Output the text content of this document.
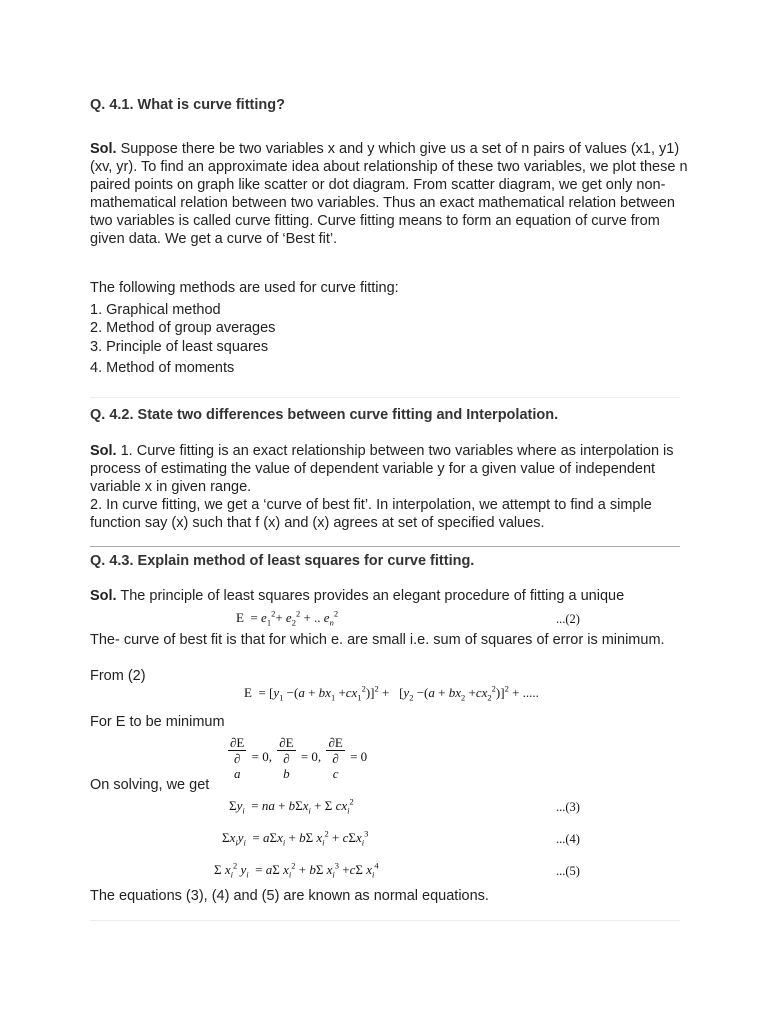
Q. 4.1. What is curve fitting?
Sol. Suppose there be two variables x and y which give us a set of n pairs of values (x1, y1) (xv, yr). To find an approximate idea about relationship of these two variables, we plot these n paired points on graph like scatter or dot diagram. From scatter diagram, we get only non-mathematical relation between two variables. Thus an exact mathematical relation between two variables is called curve fitting. Curve fitting means to form an equation of curve from given data. We get a curve of ‘Best fit’.
The following methods are used for curve fitting:
1. Graphical method
2. Method of group averages
3. Principle of least squares
4. Method of moments
Q. 4.2. State two differences between curve fitting and Interpolation.
Sol. 1. Curve fitting is an exact relationship between two variables where as interpolation is process of estimating the value of dependent variable y for a given value of independent variable x in given range.
2. In curve fitting, we get a ‘curve of best fit’. In interpolation, we attempt to find a simple function say (x) such that f (x) and (x) agrees at set of specified values.
Q. 4.3. Explain method of least squares for curve fitting.
Sol. The principle of least squares provides an elegant procedure of fitting a unique
$E = e_1^2+ e_2^2$ + .. $e_n^2$	...(2)
The- curve of best fit is that for which e. are small i.e. sum of squares of error is minimum.
From (2)
$E = [y_1 -(a + bx_1 +cx_1^2)]^2 + [y_2 -(a + bx_2 +cx_2^2)]^2$ + .....
For E to be minimum
∂E
∂
a = 0, ∂E
∂
b = 0, ∂E
∂
c = 0
On solving, we get
$\Sigma y_i$  = na + bΣx$_i$ + Σ $cx_i^2$	...(3)
$\Sigma x_iy_i = a\Sigma x_i + b\Sigma$ $x_i^2 + c\Sigma x_i^3$	...(4)
Σ $x_i^2$ $y_i = a\Sigma$ $x_i^2 + b\Sigma$ $x_i^3 +c\Sigma$ $x_i^4$	...(5)
The equations (3), (4) and (5) are known as normal equations.
